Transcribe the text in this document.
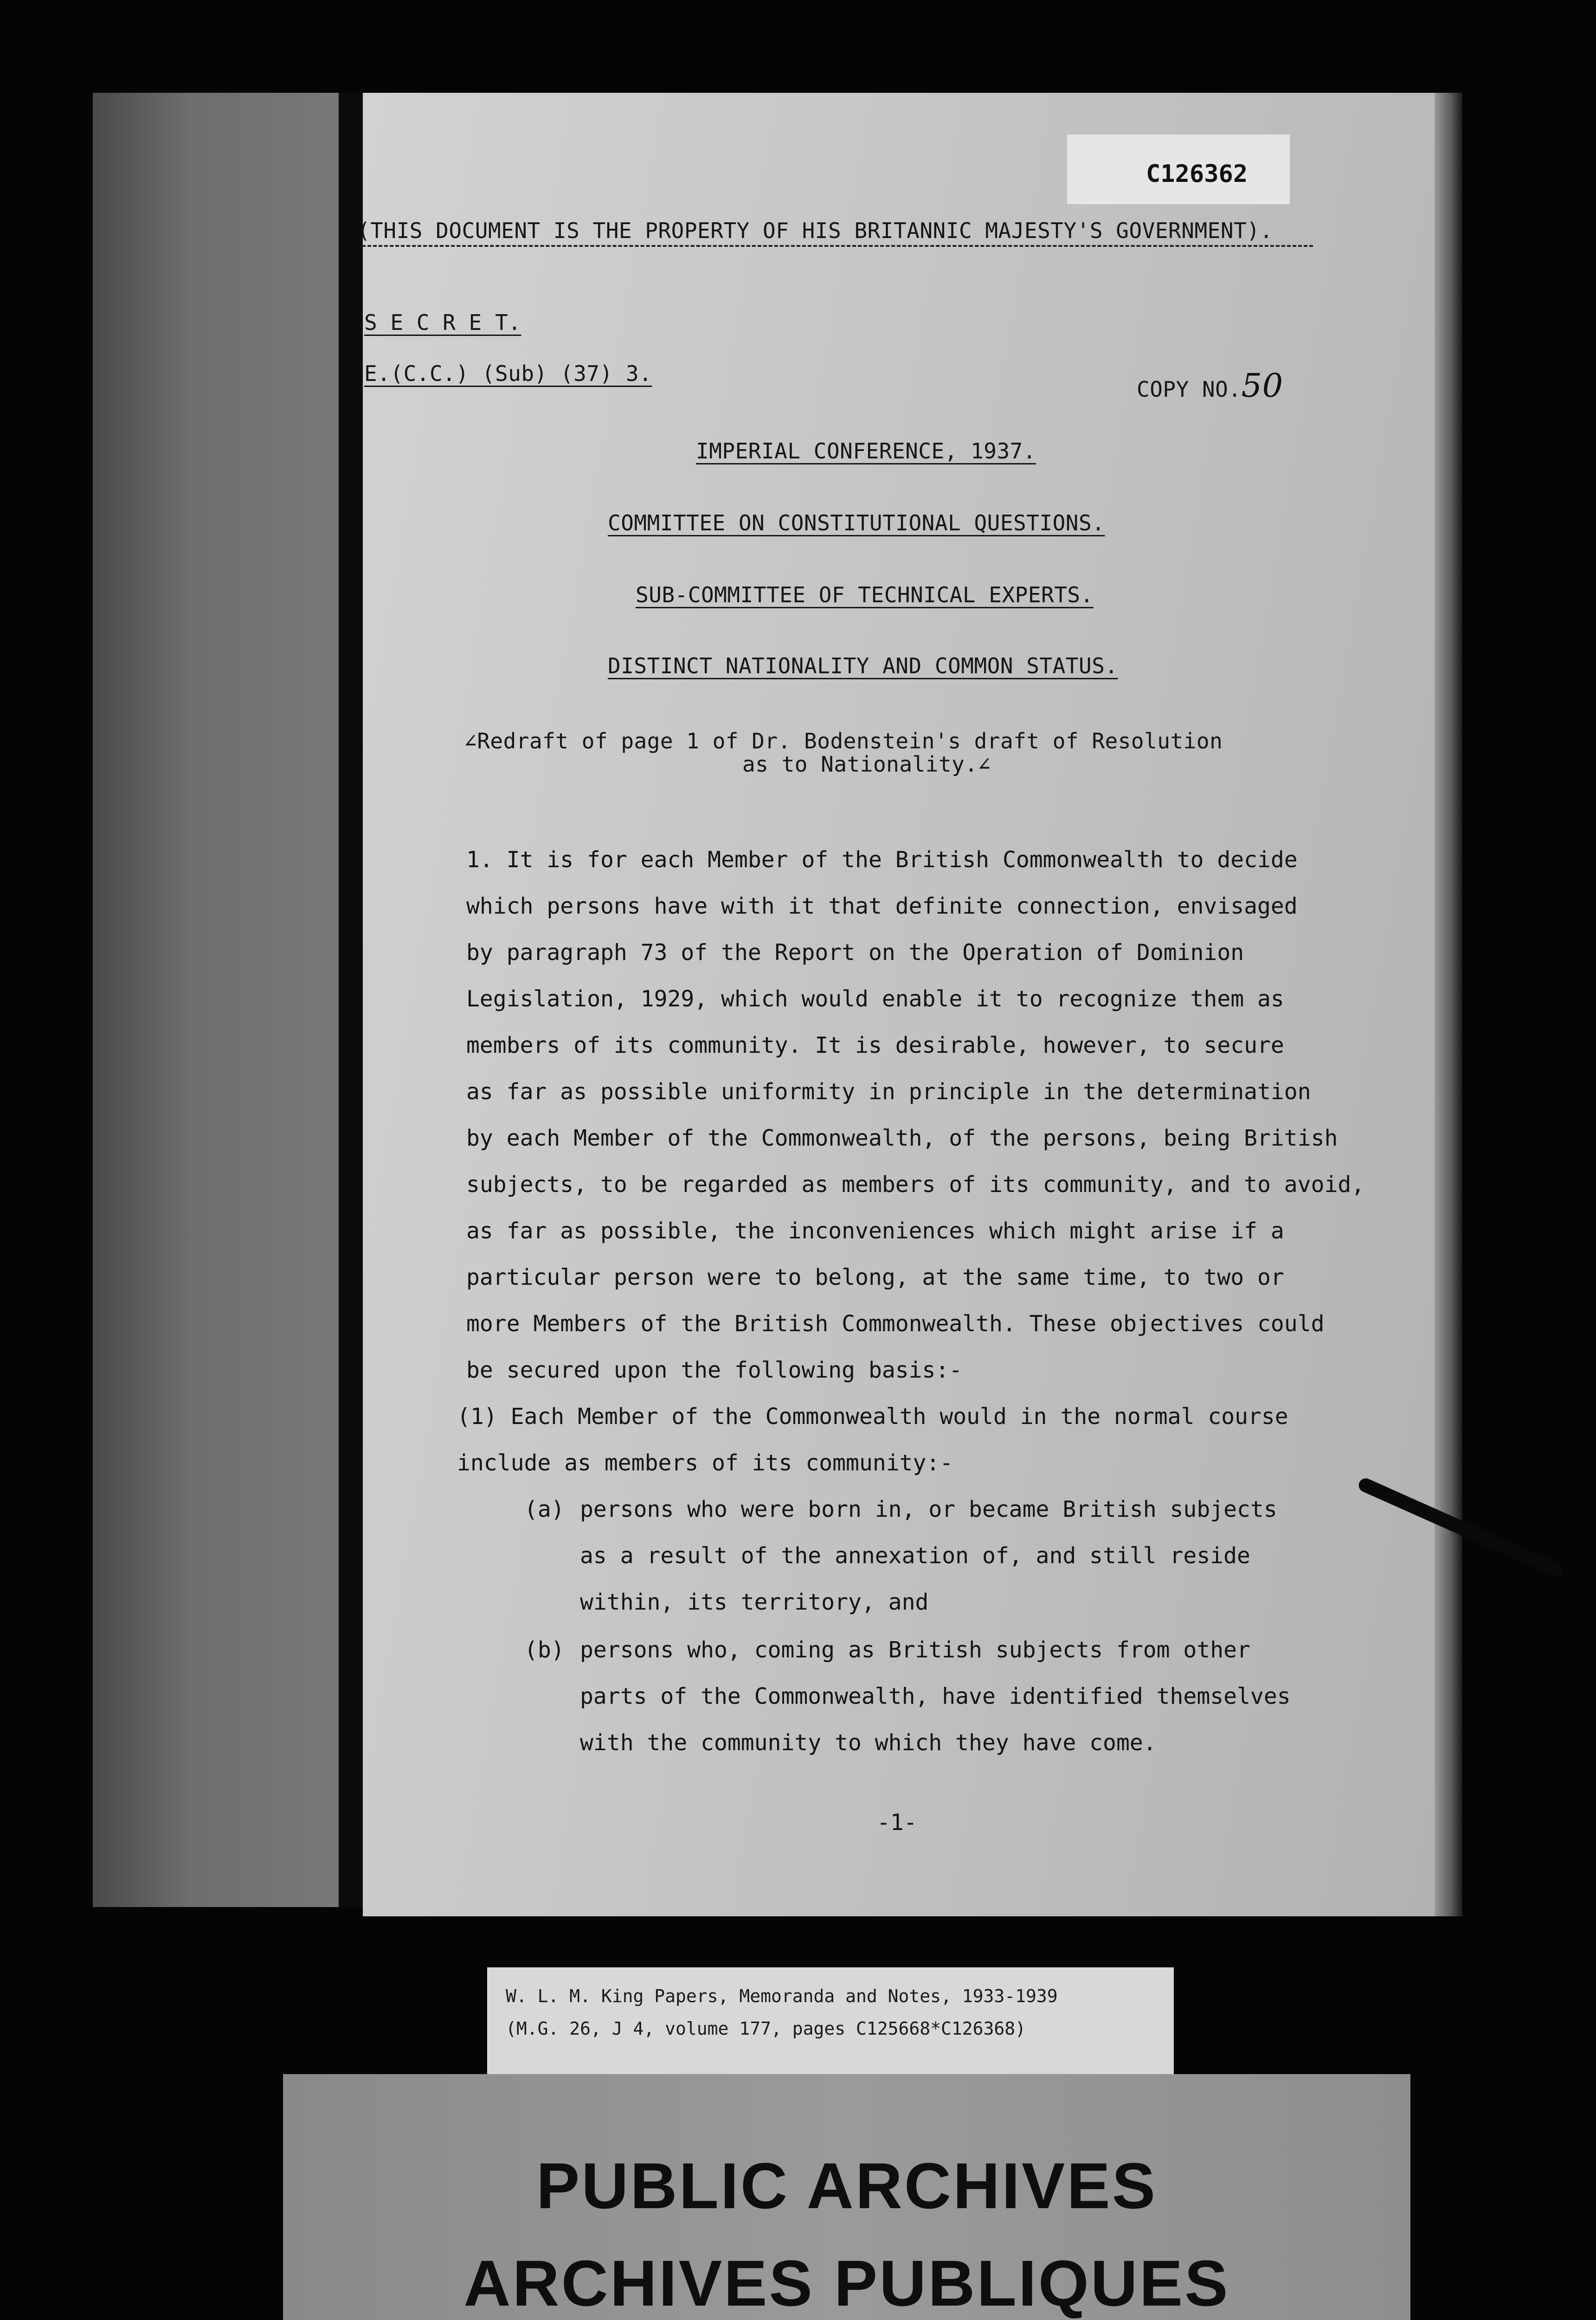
C126362
(THIS DOCUMENT IS THE PROPERTY OF HIS BRITANNIC MAJESTY'S GOVERNMENT).
S E C R E T.
E.(C.C.) (Sub) (37) 3.
COPY NO.50
IMPERIAL CONFERENCE, 1937.
COMMITTEE ON CONSTITUTIONAL QUESTIONS.
SUB-COMMITTEE OF TECHNICAL EXPERTS.
DISTINCT NATIONALITY AND COMMON STATUS.
∠Redraft of page 1 of Dr. Bodenstein's draft of Resolution
as to Nationality.∠
1. It is for each Member of the British Commonwealth to decide
which persons have with it that definite connection, envisaged
by paragraph 73 of the Report on the Operation of Dominion
Legislation, 1929, which would enable it to recognize them as
members of its community. It is desirable, however, to secure
as far as possible uniformity in principle in the determination
by each Member of the Commonwealth, of the persons, being British
subjects, to be regarded as members of its community, and to avoid,
as far as possible, the inconveniences which might arise if a
particular person were to belong, at the same time, to two or
more Members of the British Commonwealth. These objectives could
be secured upon the following basis:-
(1) Each Member of the Commonwealth would in the normal course
include as members of its community:-
(a) persons who were born in, or became British subjects
as a result of the annexation of, and still reside
within, its territory, and
(b) persons who, coming as British subjects from other
parts of the Commonwealth, have identified themselves
with the community to which they have come.
-1-
W. L. M. King Papers, Memoranda and Notes, 1933-1939
(M.G. 26, J 4, volume 177, pages C125668*C126368)
PUBLIC ARCHIVES
ARCHIVES PUBLIQUES
